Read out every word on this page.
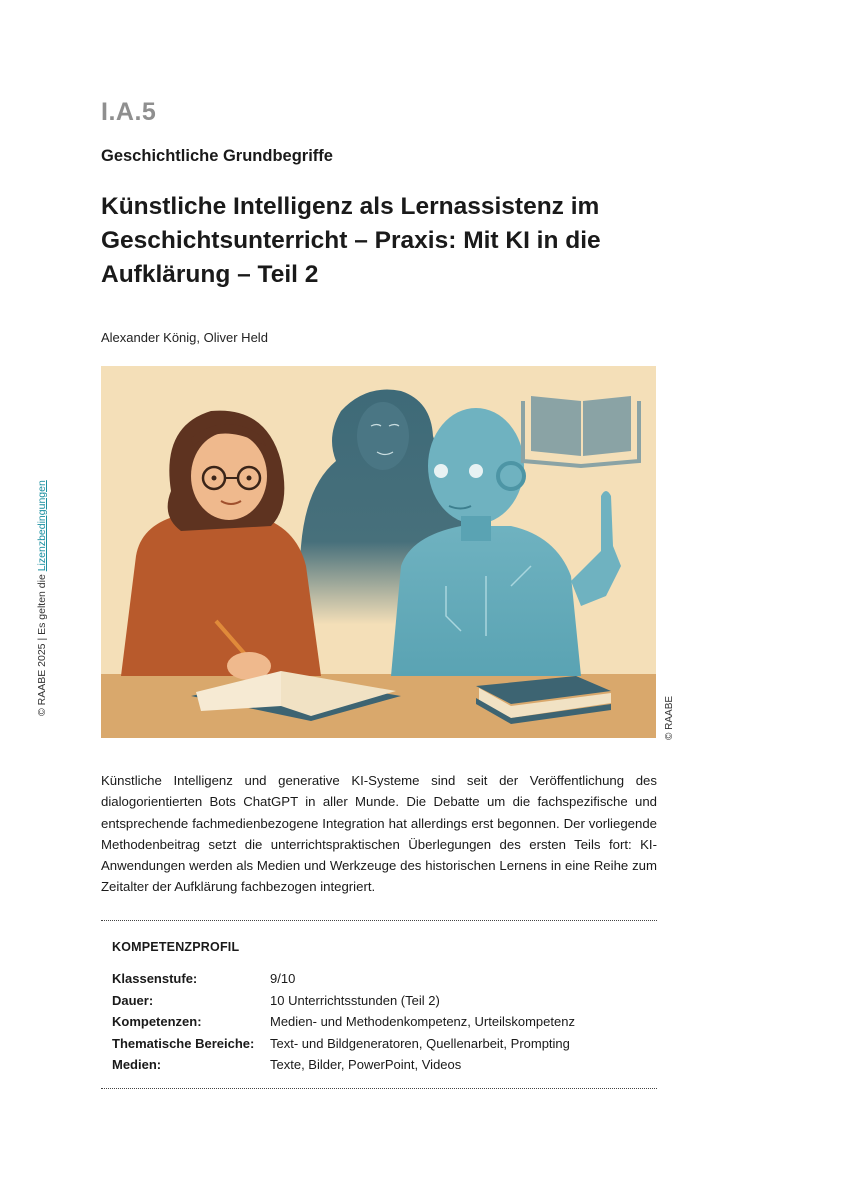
I.A.5
Geschichtliche Grundbegriffe
Künstliche Intelligenz als Lernassistenz im Geschichtsunterricht – Praxis: Mit KI in die Aufklärung – Teil 2
Alexander König, Oliver Held
© RAABE 2025 | Es gelten die Lizenzbedingungen
© RAABE

Künstliche Intelligenz und generative KI-Systeme sind seit der Veröffentlichung des dialogorientierten Bots ChatGPT in aller Munde. Die Debatte um die fachspezifische und entsprechende fachmedienbezogene Integration hat allerdings erst begonnen. Der vorliegende Methodenbeitrag setzt die unterrichtspraktischen Überlegungen des ersten Teils fort: KI-Anwendungen werden als Medien und Werkzeuge des historischen Lernens in eine Reihe zum Zeitalter der Aufklärung fachbezogen integriert.

KOMPETENZPROFIL
Klassenstufe:	9/10
Dauer:	10 Unterrichtsstunden (Teil 2)
Kompetenzen:	Medien- und Methodenkompetenz, Urteilskompetenz
Thematische Bereiche:	Text- und Bildgeneratoren, Quellenarbeit, Prompting
Medien:	Texte, Bilder, PowerPoint, Videos
